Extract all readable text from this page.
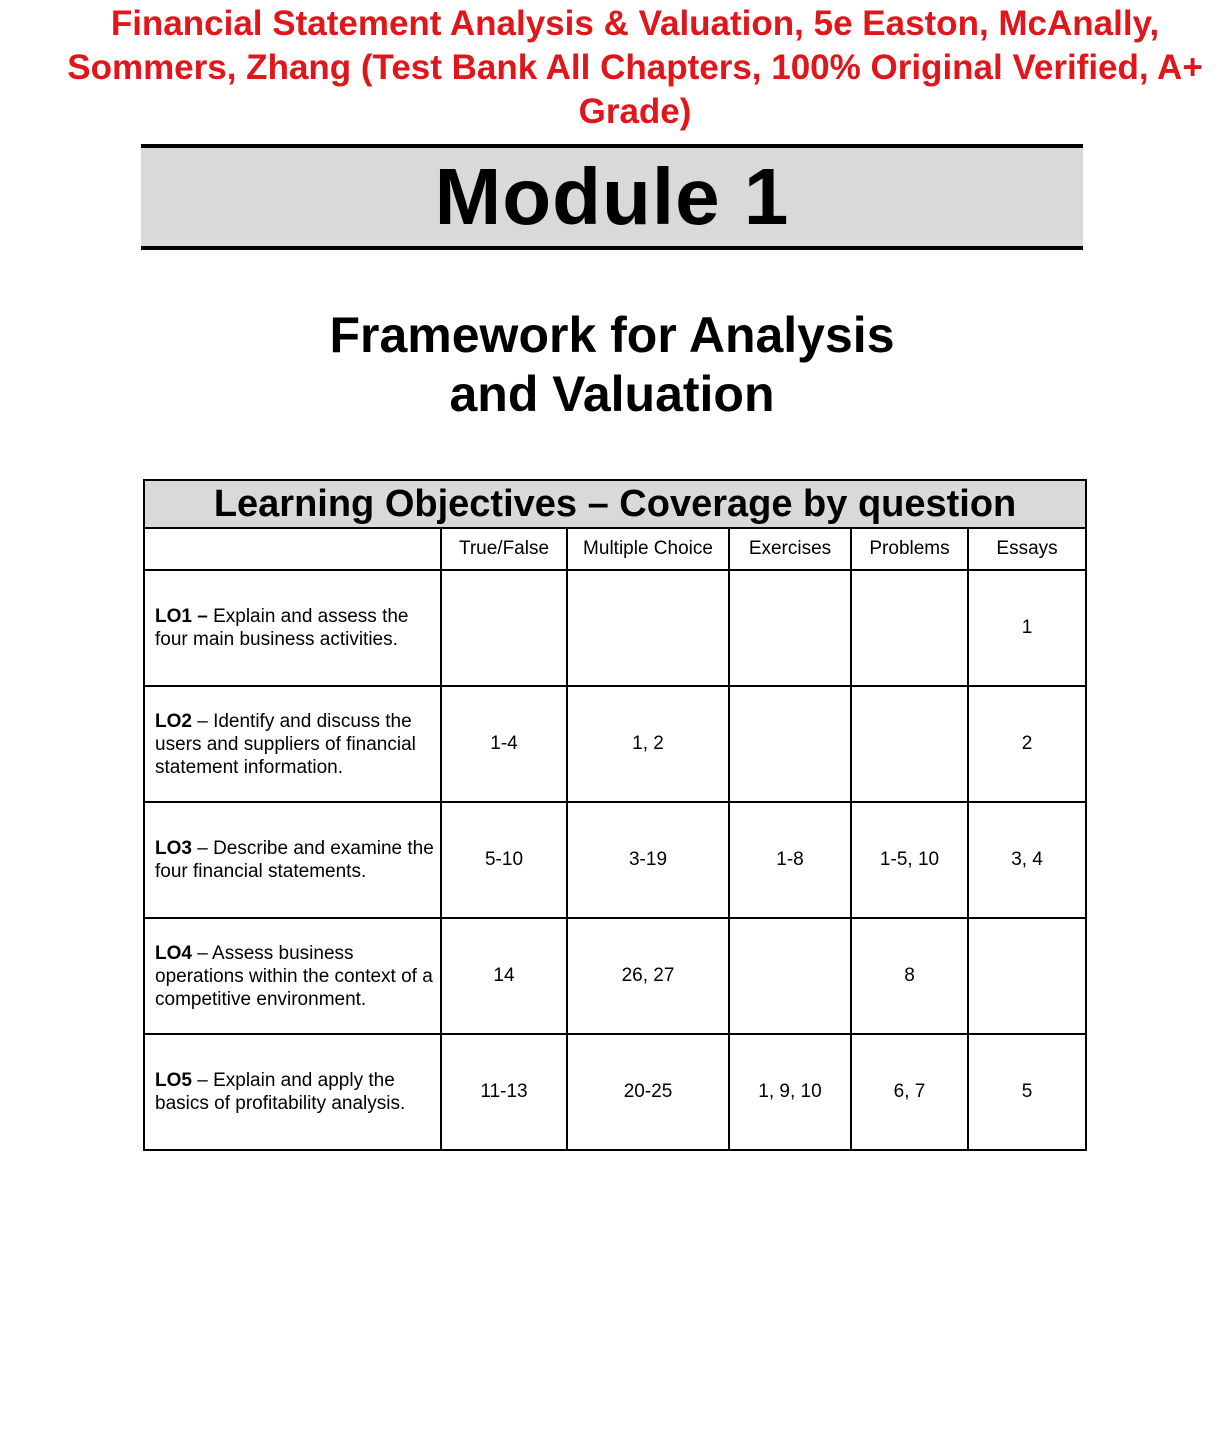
Financial Statement Analysis & Valuation, 5e Easton, McAnally, Sommers, Zhang (Test Bank All Chapters, 100% Original Verified, A+ Grade)
Module 1
Framework for Analysis
and Valuation
Learning Objectives – Coverage by question					
	True/False	Multiple Choice	Exercises	Problems	Essays
LO1 – Explain and assess the four main business activities.					1
LO2 – Identify and discuss the users and suppliers of financial statement information.	1-4	1, 2			2
LO3 – Describe and examine the four financial statements.	5-10	3-19	1-8	1-5, 10	3, 4
LO4 – Assess business operations within the context of a competitive environment.	14	26, 27		8	
LO5 – Explain and apply the basics of profitability analysis.	11-13	20-25	1, 9, 10	6, 7	5
